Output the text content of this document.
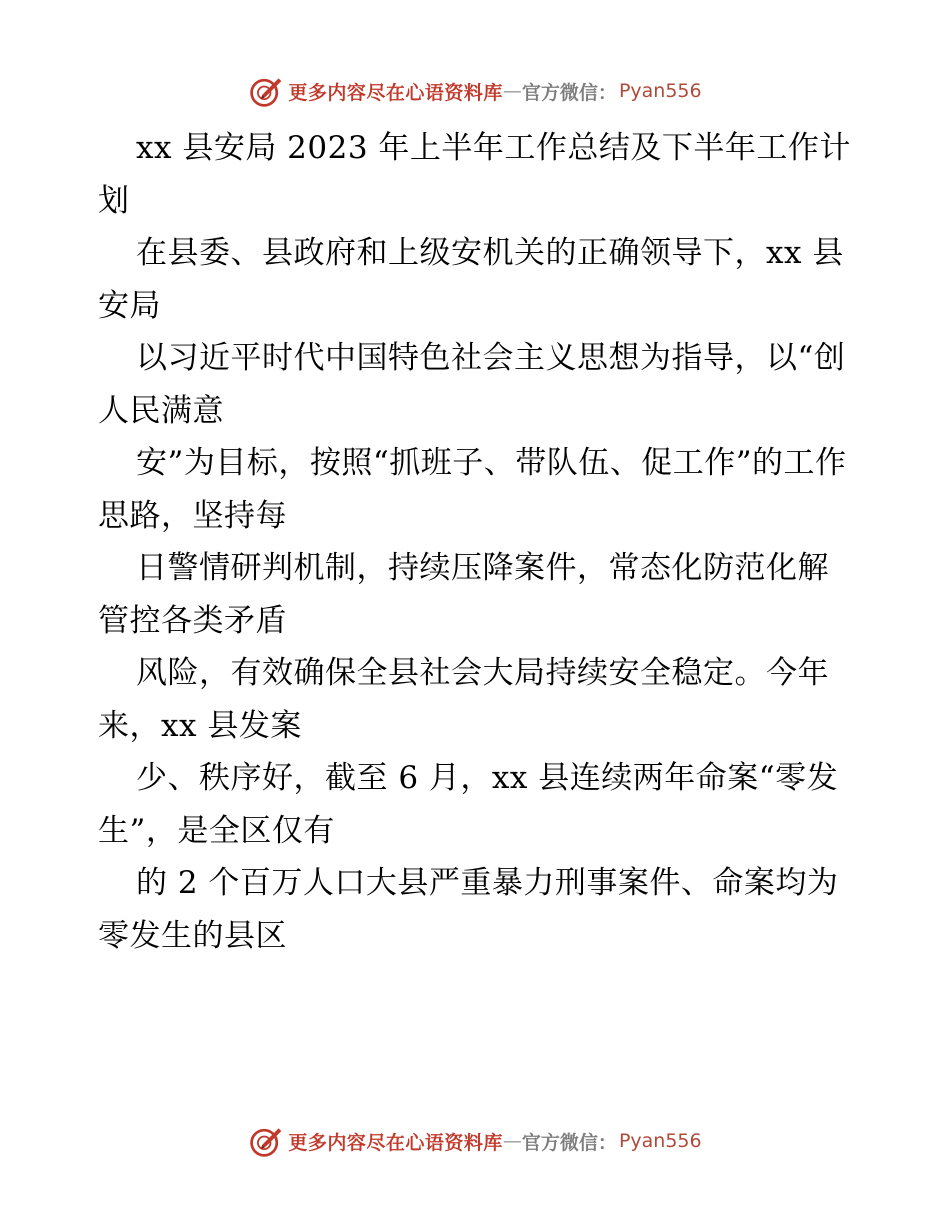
更多内容尽在心语资料库 — 官方微信： Pyan556

xx 县安局 2023 年上半年工作总结及下半年工作计划

在县委、县政府和上级安机关的正确领导下，xx 县安局

以习近平时代中国特色社会主义思想为指导，以“创人民满意

安”为目标，按照“抓班子、带队伍、促工作”的工作思路，坚持每

日警情研判机制，持续压降案件，常态化防范化解管控各类矛盾

风险，有效确保全县社会大局持续安全稳定。今年来，xx 县发案

少、秩序好，截至 6 月，xx 县连续两年命案“零发生”，是全区仅有

的 2 个百万人口大县严重暴力刑事案件、命案均为零发生的县区

更多内容尽在心语资料库 — 官方微信： Pyan556
